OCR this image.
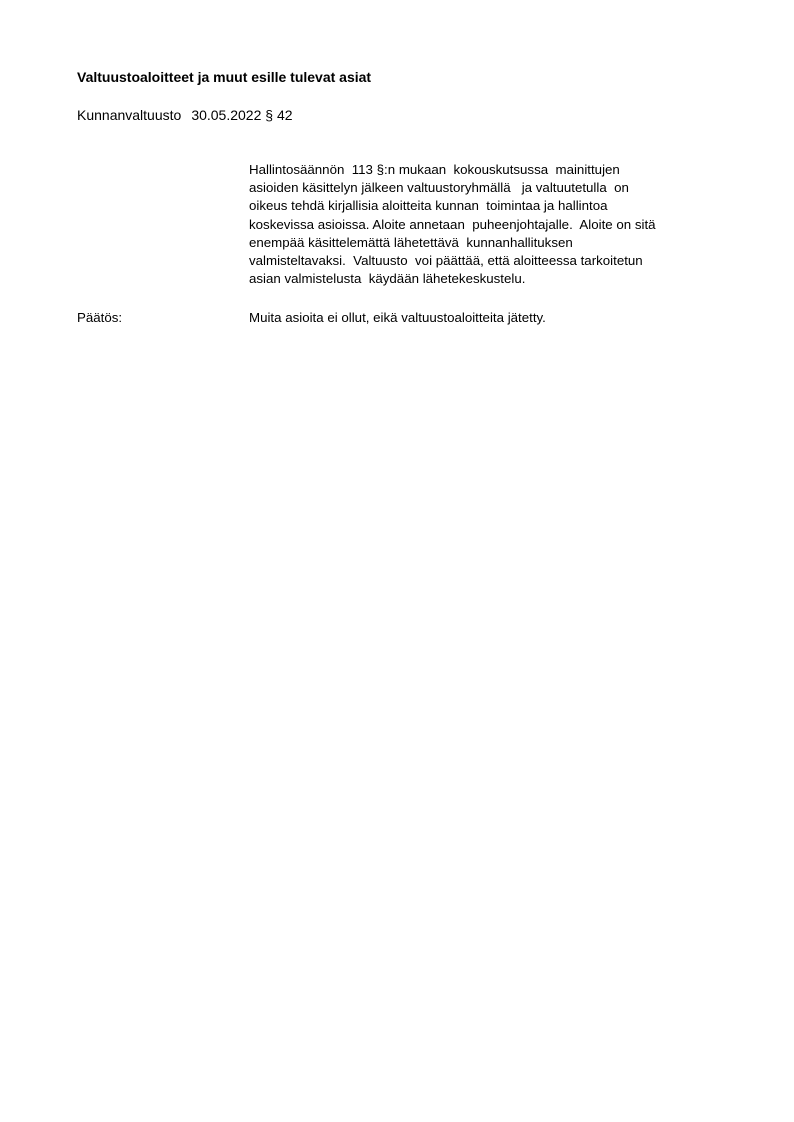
Valtuustoaloitteet ja muut esille tulevat asiat
Kunnanvaltuusto 30.05.2022 § 42
Hallintosäännön  113 §:n mukaan  kokouskutsussa  mainittujen
asioiden käsittelyn jälkeen valtuustoryhmällä   ja valtuutetulla  on
oikeus tehdä kirjallisia aloitteita kunnan  toimintaa ja hallintoa
koskevissa asioissa. Aloite annetaan  puheenjohtajalle.  Aloite on sitä
enempää käsittelemättä lähetettävä  kunnanhallituksen
valmisteltavaksi.  Valtuusto  voi päättää, että aloitteessa tarkoitetun
asian valmistelusta  käydään lähetekeskustelu.
Päätös:	Muita asioita ei ollut, eikä valtuustoaloitteita jätetty.
